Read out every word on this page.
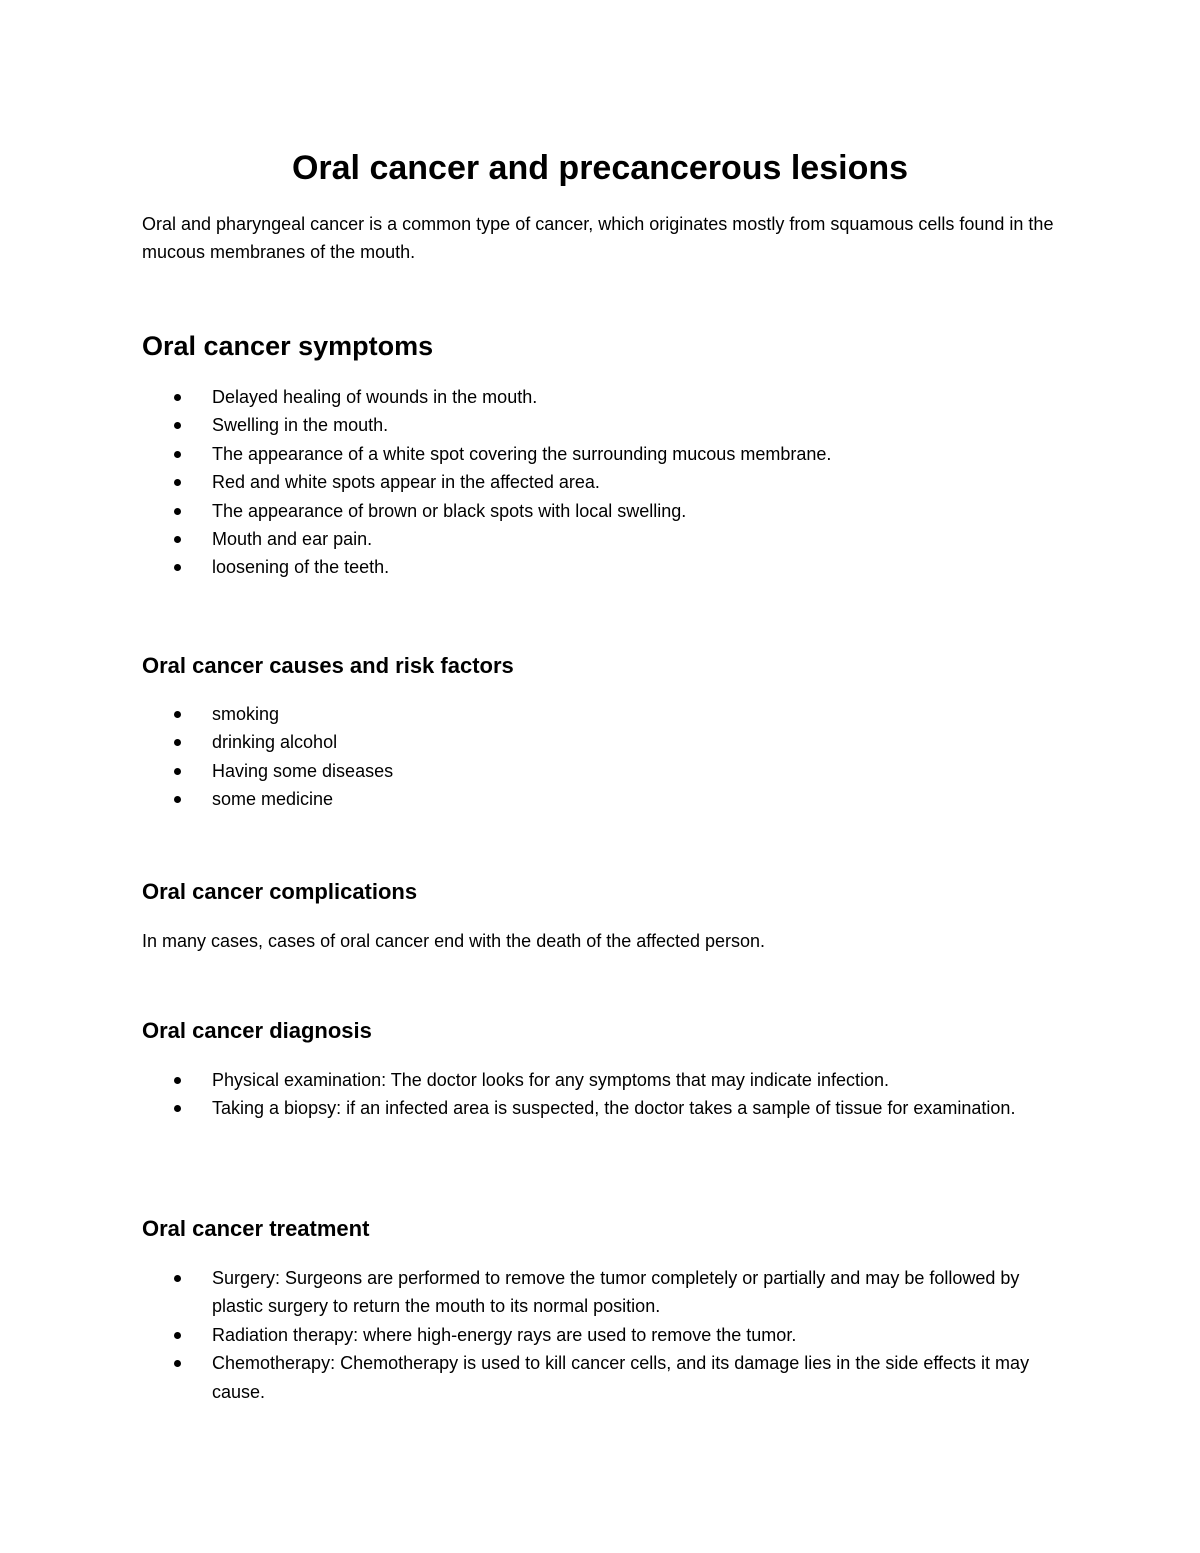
Oral cancer and precancerous lesions

Oral and pharyngeal cancer is a common type of cancer, which originates mostly from squamous cells found in the mucous membranes of the mouth.

Oral cancer symptoms
Delayed healing of wounds in the mouth.
Swelling in the mouth.
The appearance of a white spot covering the surrounding mucous membrane.
Red and white spots appear in the affected area.
The appearance of brown or black spots with local swelling.
Mouth and ear pain.
loosening of the teeth.
Oral cancer causes and risk factors
smoking
drinking alcohol
Having some diseases
some medicine
Oral cancer complications

In many cases, cases of oral cancer end with the death of the affected person.

Oral cancer diagnosis
Physical examination: The doctor looks for any symptoms that may indicate infection.
Taking a biopsy: if an infected area is suspected, the doctor takes a sample of tissue for examination.
Oral cancer treatment
Surgery: Surgeons are performed to remove the tumor completely or partially and may be followed by plastic surgery to return the mouth to its normal position.
Radiation therapy: where high-energy rays are used to remove the tumor.
Chemotherapy: Chemotherapy is used to kill cancer cells, and its damage lies in the side effects it may cause.
